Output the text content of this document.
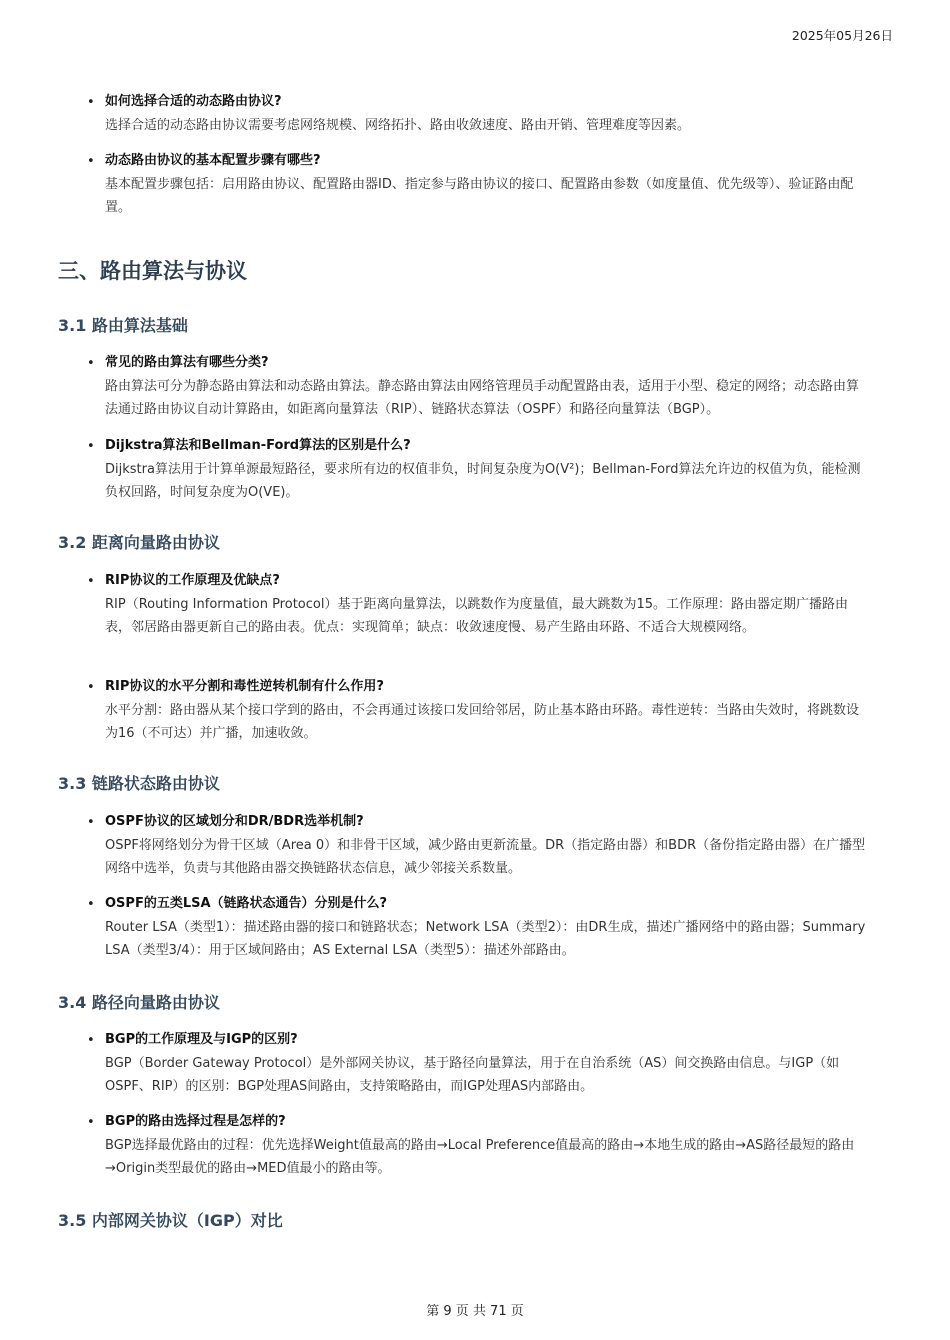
2025年05月26日
• 如何选择合适的动态路由协议?
选择合适的动态路由协议需要考虑网络规模、网络拓扑、路由收敛速度、路由开销、管理难度等因素。
• 动态路由协议的基本配置步骤有哪些?
基本配置步骤包括：启用路由协议、配置路由器ID、指定参与路由协议的接口、配置路由参数（如度量值、优先级等）、验证路由配置。
三、路由算法与协议
3.1 路由算法基础
• 常见的路由算法有哪些分类?
路由算法可分为静态路由算法和动态路由算法。静态路由算法由网络管理员手动配置路由表，适用于小型、稳定的网络；动态路由算法通过路由协议自动计算路由，如距离向量算法（RIP）、链路状态算法（OSPF）和路径向量算法（BGP）。
• Dijkstra算法和Bellman-Ford算法的区别是什么?
Dijkstra算法用于计算单源最短路径，要求所有边的权值非负，时间复杂度为O(V²)；Bellman-Ford算法允许边的权值为负，能检测负权回路，时间复杂度为O(VE)。
3.2 距离向量路由协议
• RIP协议的工作原理及优缺点?
RIP（Routing Information Protocol）基于距离向量算法，以跳数作为度量值，最大跳数为15。工作原理：路由器定期广播路由表，邻居路由器更新自己的路由表。优点：实现简单；缺点：收敛速度慢、易产生路由环路、不适合大规模网络。
• RIP协议的水平分割和毒性逆转机制有什么作用?
水平分割：路由器从某个接口学到的路由，不会再通过该接口发回给邻居，防止基本路由环路。毒性逆转：当路由失效时，将跳数设为16（不可达）并广播，加速收敛。
3.3 链路状态路由协议
• OSPF协议的区域划分和DR/BDR选举机制?
OSPF将网络划分为骨干区域（Area 0）和非骨干区域，减少路由更新流量。DR（指定路由器）和BDR（备份指定路由器）在广播型网络中选举，负责与其他路由器交换链路状态信息，减少邻接关系数量。
• OSPF的五类LSA（链路状态通告）分别是什么?
Router LSA（类型1）：描述路由器的接口和链路状态；Network LSA（类型2）：由DR生成，描述广播网络中的路由器；Summary LSA（类型3/4）：用于区域间路由；AS External LSA（类型5）：描述外部路由。
3.4 路径向量路由协议
• BGP的工作原理及与IGP的区别?
BGP（Border Gateway Protocol）是外部网关协议，基于路径向量算法，用于在自治系统（AS）间交换路由信息。与IGP（如OSPF、RIP）的区别：BGP处理AS间路由，支持策略路由，而IGP处理AS内部路由。
• BGP的路由选择过程是怎样的?
BGP选择最优路由的过程：优先选择Weight值最高的路由→Local Preference值最高的路由→本地生成的路由→AS路径最短的路由→Origin类型最优的路由→MED值最小的路由等。
3.5 内部网关协议（IGP）对比
第 9 页 共 71 页
